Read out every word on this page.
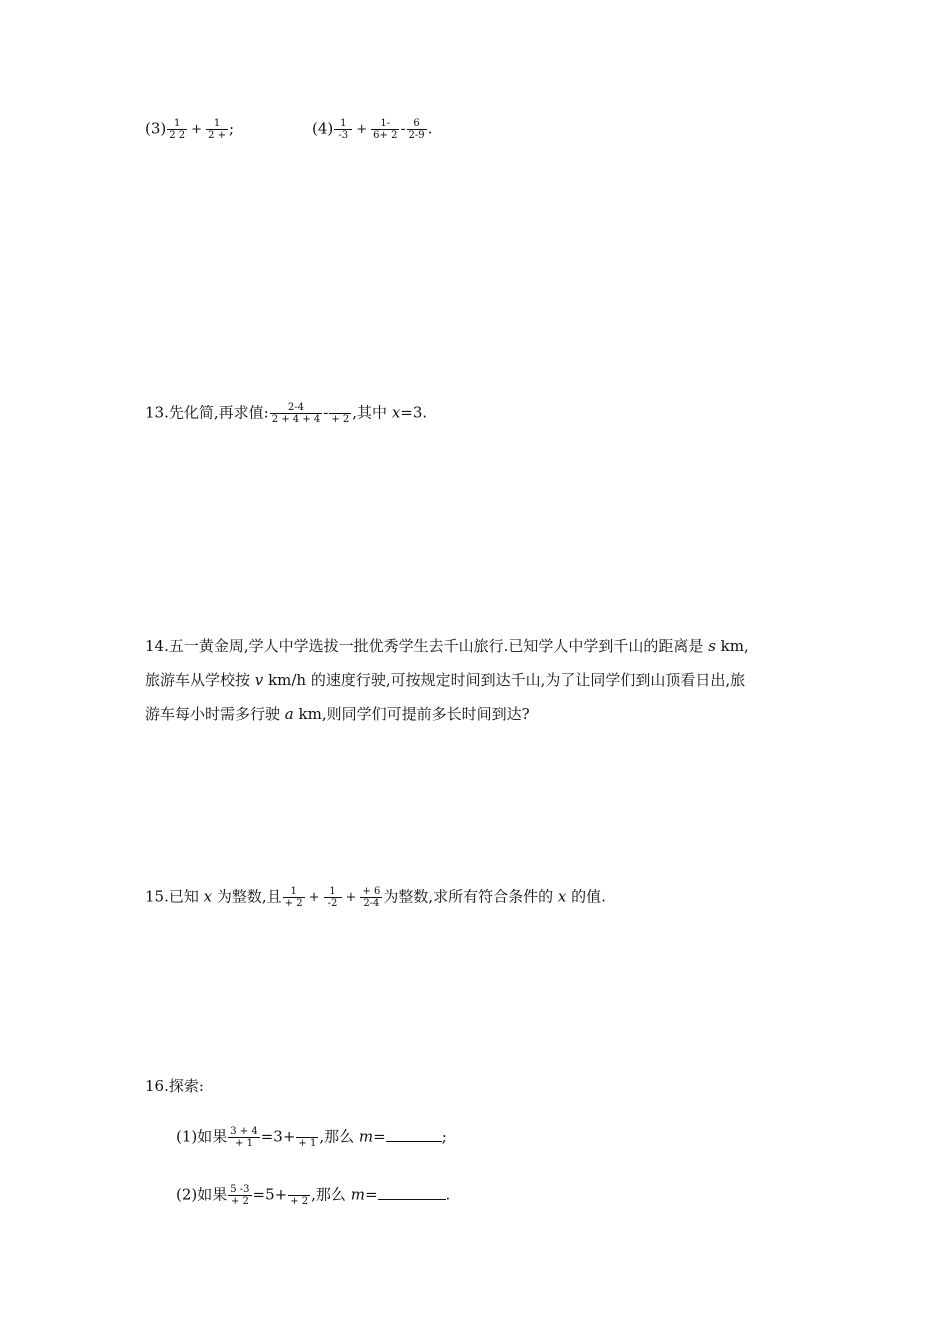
$(3) \frac{1}{2 2} + \frac{1}{2 +}$ ;	$(4) \frac{1}{-3} + \frac{1-}{6+ 2} - \frac{6}{2-9}$ .
13.先化简,再求值: $\frac{2-4}{2 + 4 + 4}$ -
+ 2 ,其中 x=3.
14.五一黄金周,学人中学选拔一批优秀学生去千山旅行.已知学人中学到千山的距离是 s km,
旅游车从学校按 v km/h 的速度行驶,可按规定时间到达千山,为了让同学们到山顶看日出,旅
游车每小时需多行驶 a km,则同学们可提前多长时间到达?
15.已知 x 为整数,且 $\frac{1}{+ 2} + \frac{1}{-2} + \frac{+ 6}{2-4}$ 为整数,求所有符合条件的 x 的值.
16.探索:
(1)如果 $\frac{3 + 4}{+ 1} =3+$
+ 1 ,那么 m=	;
(2)如果 $\frac{5 -3}{+ 2} =5+$
+ 2 ,那么 m=	.
